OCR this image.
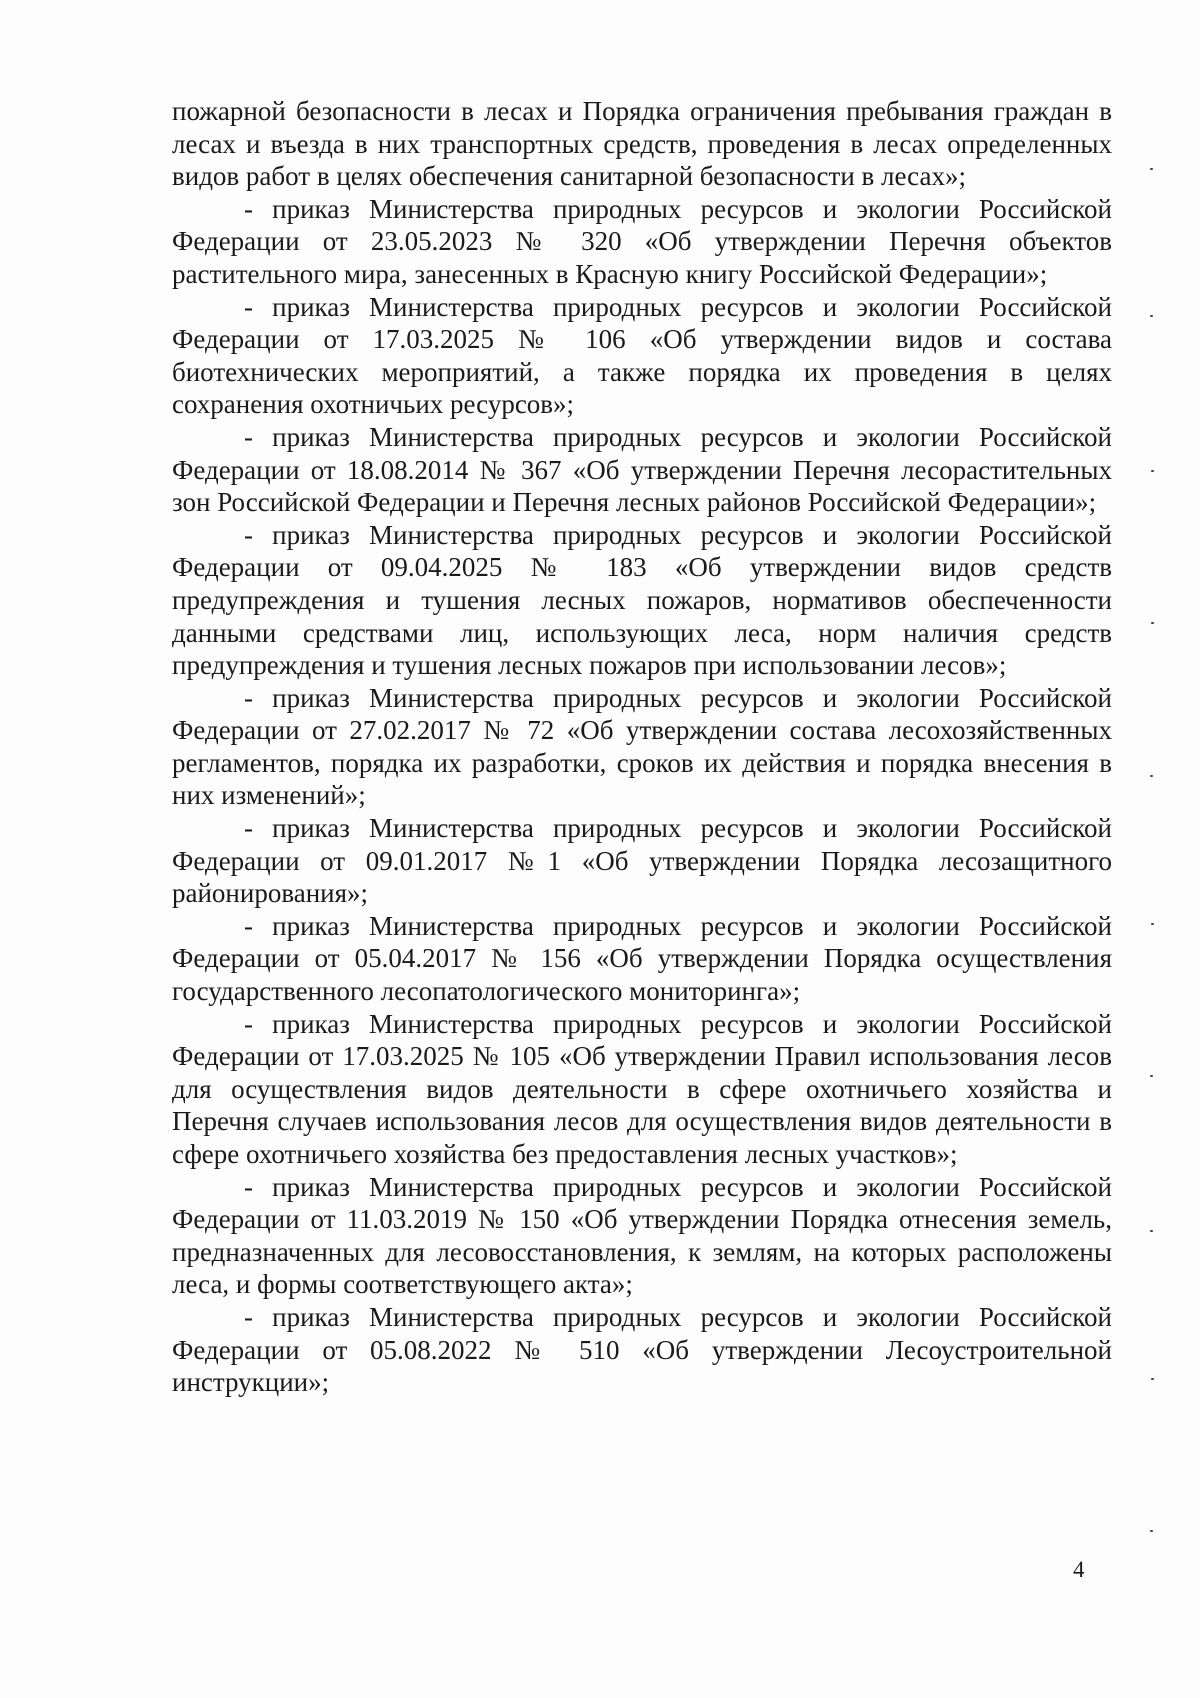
пожарной безопасности в лесах и Порядка ограничения пребывания граждан в лесах и въезда в них транспортных средств, проведения в лесах определенных видов работ в целях обеспечения санитарной безопасности в лесах»;

- приказ Министерства природных ресурсов и экологии Российской Федерации от 23.05.2023 № 320 «Об утверждении Перечня объектов растительного мира, занесенных в Красную книгу Российской Федерации»;

- приказ Министерства природных ресурсов и экологии Российской Федерации от 17.03.2025 № 106 «Об утверждении видов и состава биотехнических мероприятий, а также порядка их проведения в целях сохранения охотничьих ресурсов»;

- приказ Министерства природных ресурсов и экологии Российской Федерации от 18.08.2014 № 367 «Об утверждении Перечня лесорастительных зон Российской Федерации и Перечня лесных районов Российской Федерации»;

- приказ Министерства природных ресурсов и экологии Российской Федерации от 09.04.2025 № 183 «Об утверждении видов средств предупреждения и тушения лесных пожаров, нормативов обеспеченности данными средствами лиц, использующих леса, норм наличия средств предупреждения и тушения лесных пожаров при использовании лесов»;

- приказ Министерства природных ресурсов и экологии Российской Федерации от 27.02.2017 № 72 «Об утверждении состава лесохозяйственных регламентов, порядка их разработки, сроков их действия и порядка внесения в них изменений»;

- приказ Министерства природных ресурсов и экологии Российской Федерации от 09.01.2017 №1 «Об утверждении Порядка лесозащитного районирования»;

- приказ Министерства природных ресурсов и экологии Российской Федерации от 05.04.2017 № 156 «Об утверждении Порядка осуществления государственного лесопатологического мониторинга»;

- приказ Министерства природных ресурсов и экологии Российской Федерации от 17.03.2025 № 105 «Об утверждении Правил использования лесов для осуществления видов деятельности в сфере охотничьего хозяйства и Перечня случаев использования лесов для осуществления видов деятельности в сфере охотничьего хозяйства без предоставления лесных участков»;

- приказ Министерства природных ресурсов и экологии Российской Федерации от 11.03.2019 № 150 «Об утверждении Порядка отнесения земель, предназначенных для лесовосстановления, к землям, на которых расположены леса, и формы соответствующего акта»;

- приказ Министерства природных ресурсов и экологии Российской Федерации от 05.08.2022 № 510 «Об утверждении Лесоустроительной инструкции»;

4
